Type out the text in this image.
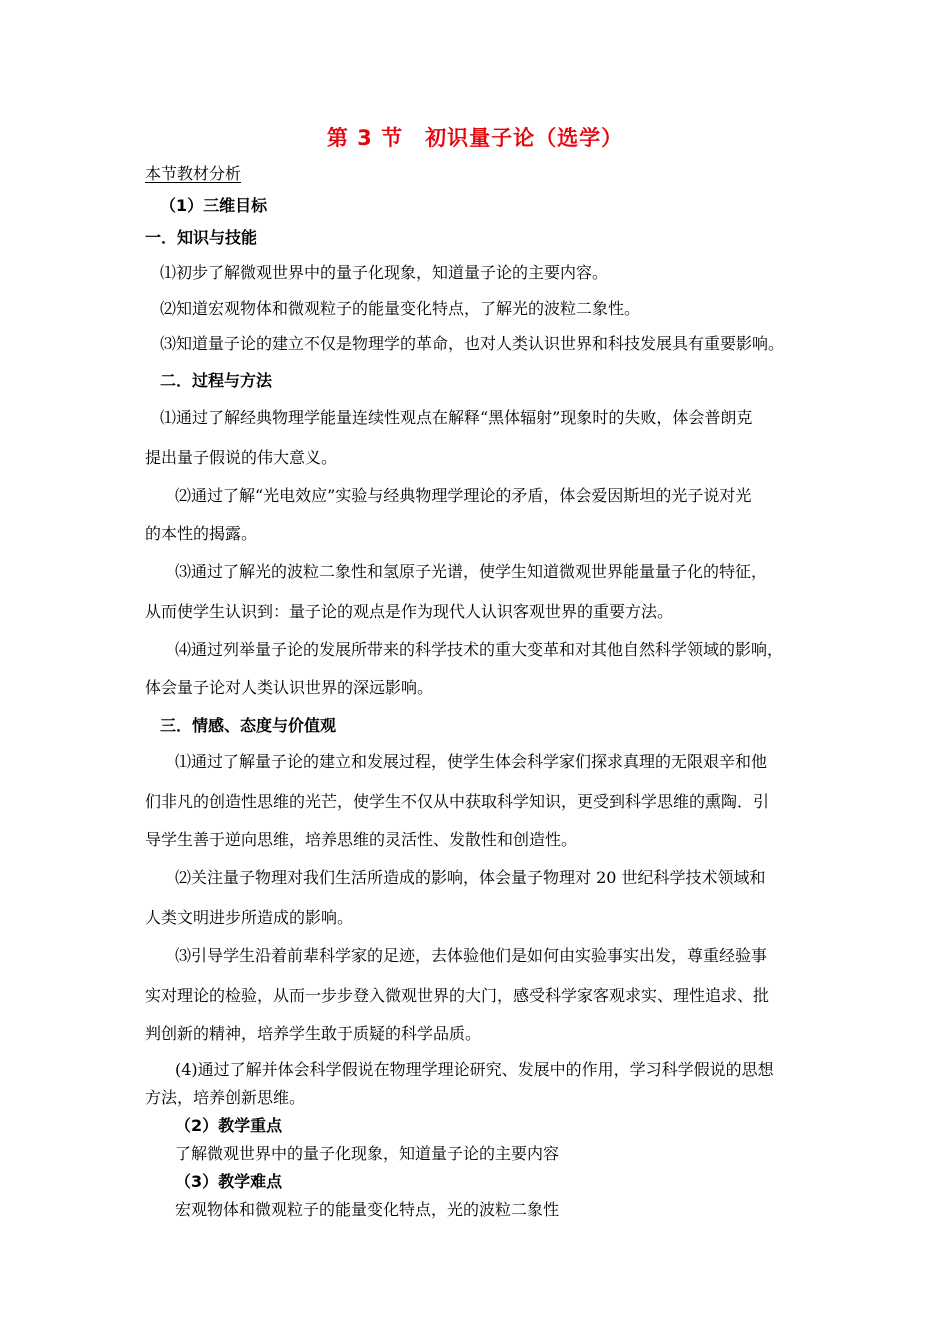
第 3 节　初识量子论（选学）
本节教材分析
（1）三维目标
一．知识与技能
⑴初步了解微观世界中的量子化现象，知道量子论的主要内容。
⑵知道宏观物体和微观粒子的能量变化特点，了解光的波粒二象性。
⑶知道量子论的建立不仅是物理学的革命，也对人类认识世界和科技发展具有重要影响。
二．过程与方法
⑴通过了解经典物理学能量连续性观点在解释“黑体辐射”现象时的失败，体会普朗克
提出量子假说的伟大意义。
⑵通过了解“光电效应”实验与经典物理学理论的矛盾，体会爱因斯坦的光子说对光
的本性的揭露。
⑶通过了解光的波粒二象性和氢原子光谱，使学生知道微观世界能量量子化的特征，
从而使学生认识到：量子论的观点是作为现代人认识客观世界的重要方法。
⑷通过列举量子论的发展所带来的科学技术的重大变革和对其他自然科学领域的影响，
体会量子论对人类认识世界的深远影响。
三．情感、态度与价值观
⑴通过了解量子论的建立和发展过程，使学生体会科学家们探求真理的无限艰辛和他
们非凡的创造性思维的光芒，使学生不仅从中获取科学知识，更受到科学思维的熏陶．引
导学生善于逆向思维，培养思维的灵活性、发散性和创造性。
⑵关注量子物理对我们生活所造成的影响，体会量子物理对 20 世纪科学技术领域和
人类文明进步所造成的影响。
⑶引导学生沿着前辈科学家的足迹，去体验他们是如何由实验事实出发，尊重经验事
实对理论的检验，从而一步步登入微观世界的大门，感受科学家客观求实、理性追求、批
判创新的精神，培养学生敢于质疑的科学品质。
(4)通过了解并体会科学假说在物理学理论研究、发展中的作用，学习科学假说的思想
方法，培养创新思维。
（2）教学重点
了解微观世界中的量子化现象，知道量子论的主要内容
（3）教学难点
宏观物体和微观粒子的能量变化特点，光的波粒二象性
